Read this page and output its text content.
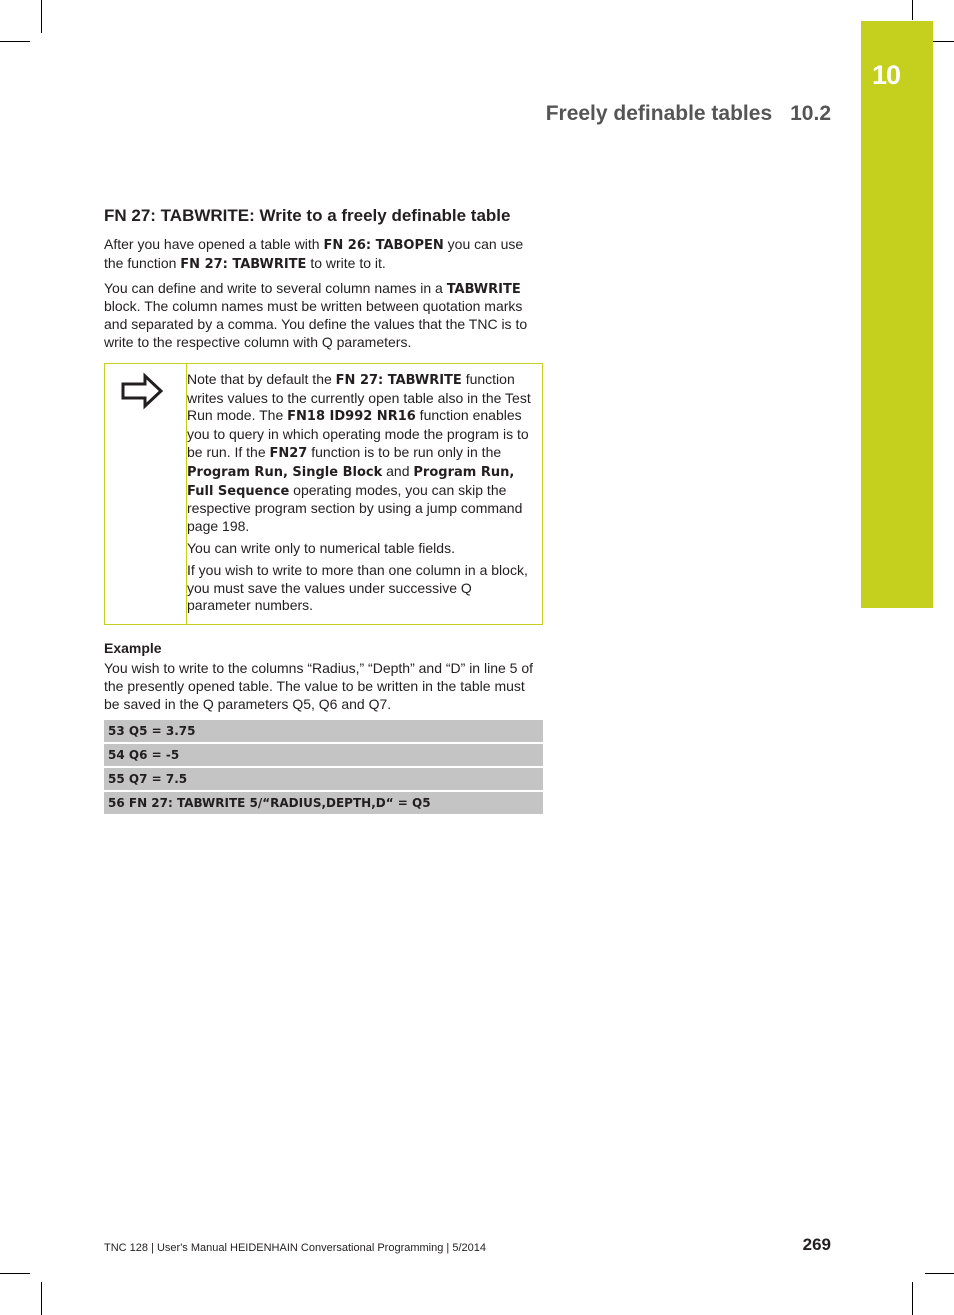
10
Freely definable tables 10.2
FN 27: TABWRITE: Write to a freely definable table

After you have opened a table with FN 26: TABOPEN you can use the function FN 27: TABWRITE to write to it.

You can define and write to several column names in a TABWRITE block. The column names must be written between quotation marks and separated by a comma. You define the values that the TNC is to write to the respective column with Q parameters.

Note that by default the FN 27: TABWRITE function writes values to the currently open table also in the Test Run mode. The FN18 ID992 NR16 function enables you to query in which operating mode the program is to be run. If the FN27 function is to be run only in the Program Run, Single Block and Program Run, Full Sequence operating modes, you can skip the respective program section by using a jump command page 198.

You can write only to numerical table fields.

If you wish to write to more than one column in a block, you must save the values under successive Q parameter numbers.

Example

You wish to write to the columns “Radius,” “Depth” and “D” in line 5 of the presently opened table. The value to be written in the table must be saved in the Q parameters Q5, Q6 and Q7.

53 Q5 = 3.75
54 Q6 = -5
55 Q7 = 7.5
56 FN 27: TABWRITE 5/“RADIUS,DEPTH,D“ = Q5
TNC 128 | User's Manual HEIDENHAIN Conversational Programming | 5/2014	269
